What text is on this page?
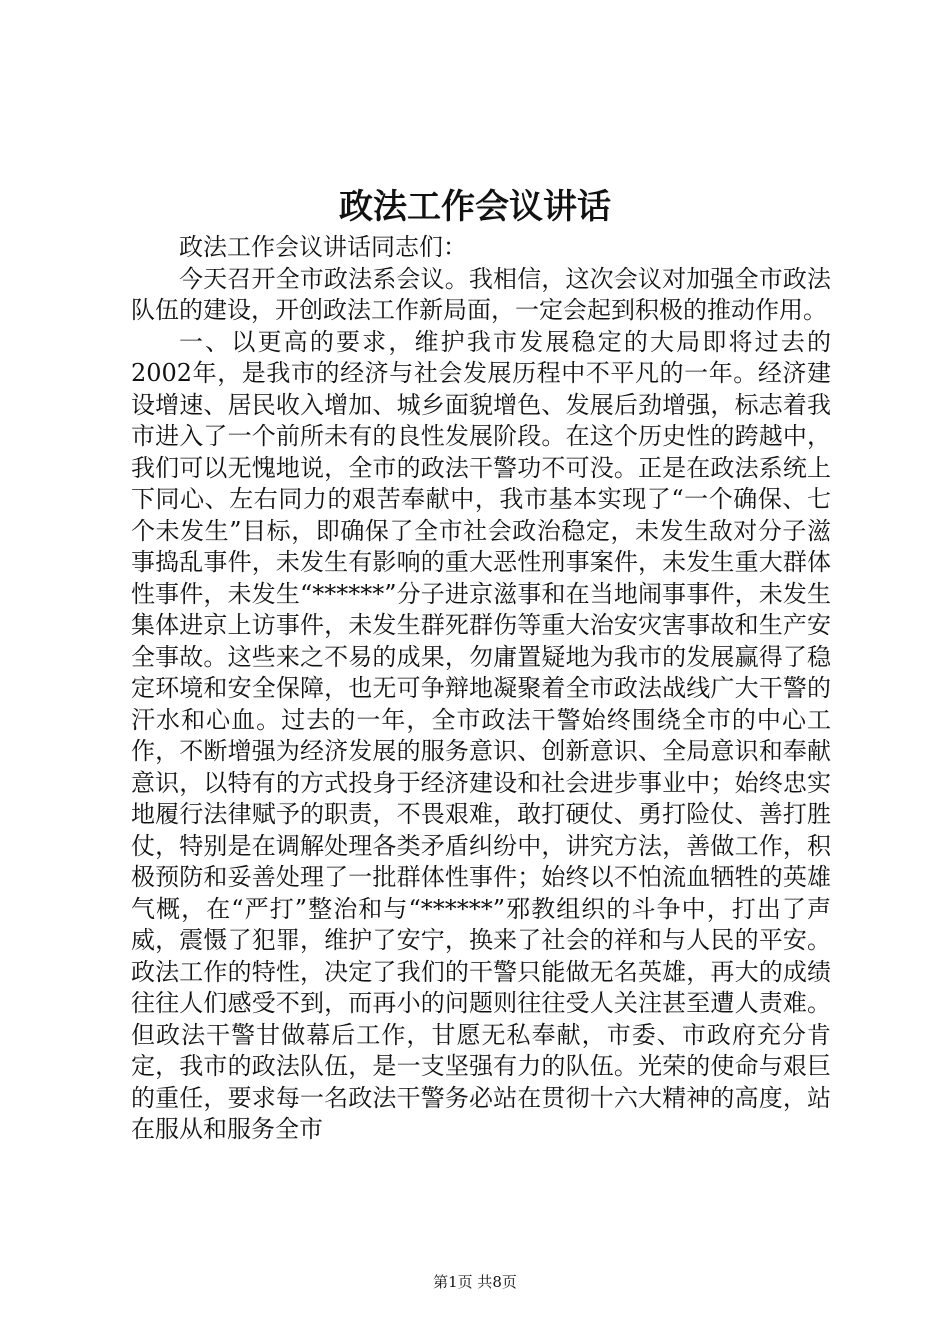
政法工作会议讲话

政法工作会议讲话同志们：

今天召开全市政法系会议。我相信，这次会议对加强全市政法队伍的建设，开创政法工作新局面，一定会起到积极的推动作用。

一、以更高的要求，维护我市发展稳定的大局即将过去的2002年，是我市的经济与社会发展历程中不平凡的一年。经济建设增速、居民收入增加、城乡面貌增色、发展后劲增强，标志着我市进入了一个前所未有的良性发展阶段。在这个历史性的跨越中，我们可以无愧地说，全市的政法干警功不可没。正是在政法系统上下同心、左右同力的艰苦奉献中，我市基本实现了“一个确保、七个未发生”目标，即确保了全市社会政治稳定，未发生敌对分子滋事捣乱事件，未发生有影响的重大恶性刑事案件，未发生重大群体性事件，未发生“******”分子进京滋事和在当地闹事事件，未发生集体进京上访事件，未发生群死群伤等重大治安灾害事故和生产安全事故。这些来之不易的成果，勿庸置疑地为我市的发展赢得了稳定环境和安全保障，也无可争辩地凝聚着全市政法战线广大干警的汗水和心血。过去的一年，全市政法干警始终围绕全市的中心工作，不断增强为经济发展的服务意识、创新意识、全局意识和奉献意识，以特有的方式投身于经济建设和社会进步事业中；始终忠实地履行法律赋予的职责，不畏艰难，敢打硬仗、勇打险仗、善打胜仗，特别是在调解处理各类矛盾纠纷中，讲究方法，善做工作，积极预防和妥善处理了一批群体性事件；始终以不怕流血牺牲的英雄气概，在“严打”整治和与“******”邪教组织的斗争中，打出了声威，震慑了犯罪，维护了安宁，换来了社会的祥和与人民的平安。政法工作的特性，决定了我们的干警只能做无名英雄，再大的成绩往往人们感受不到，而再小的问题则往往受人关注甚至遭人责难。但政法干警甘做幕后工作，甘愿无私奉献，市委、市政府充分肯定，我市的政法队伍，是一支坚强有力的队伍。光荣的使命与艰巨的重任，要求每一名政法干警务必站在贯彻十六大精神的高度，站在服从和服务全市

第1页 共8页
